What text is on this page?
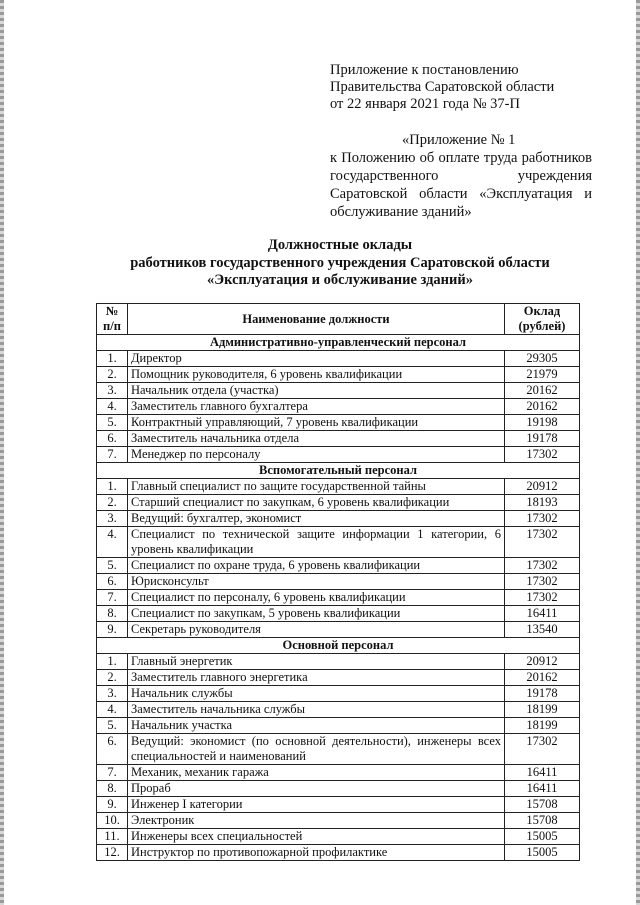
Приложение к постановлению
Правительства Саратовской области
от 22 января 2021 года № 37-П
«Приложение № 1
к Положению об оплате труда работников государственного учреждения Саратовской области «Эксплуатация и обслуживание зданий»
Должностные оклады
работников государственного учреждения Саратовской области
«Эксплуатация и обслуживание зданий»
№ п/п	Наименование должности	Оклад (рублей)
Административно-управленческий персонал		
1.	Директор	29305
2.	Помощник руководителя, 6 уровень квалификации	21979
3.	Начальник отдела (участка)	20162
4.	Заместитель главного бухгалтера	20162
5.	Контрактный управляющий, 7 уровень квалификации	19198
6.	Заместитель начальника отдела	19178
7.	Менеджер по персоналу	17302
Вспомогательный персонал		
1.	Главный специалист по защите государственной тайны	20912
2.	Старший специалист по закупкам, 6 уровень квалификации	18193
3.	Ведущий: бухгалтер, экономист	17302
4.	Специалист по технической защите информации 1 категории, 6 уровень квалификации	17302
5.	Специалист по охране труда, 6 уровень квалификации	17302
6.	Юрисконсульт	17302
7.	Специалист по персоналу, 6 уровень квалификации	17302
8.	Специалист по закупкам, 5 уровень квалификации	16411
9.	Секретарь руководителя	13540
Основной персонал		
1.	Главный энергетик	20912
2.	Заместитель главного энергетика	20162
3.	Начальник службы	19178
4.	Заместитель начальника службы	18199
5.	Начальник участка	18199
6.	Ведущий: экономист (по основной деятельности), инженеры всех специальностей и наименований	17302
7.	Механик, механик гаража	16411
8.	Прораб	16411
9.	Инженер I категории	15708
10.	Электроник	15708
11.	Инженеры всех специальностей	15005
12.	Инструктор по противопожарной профилактике	15005
